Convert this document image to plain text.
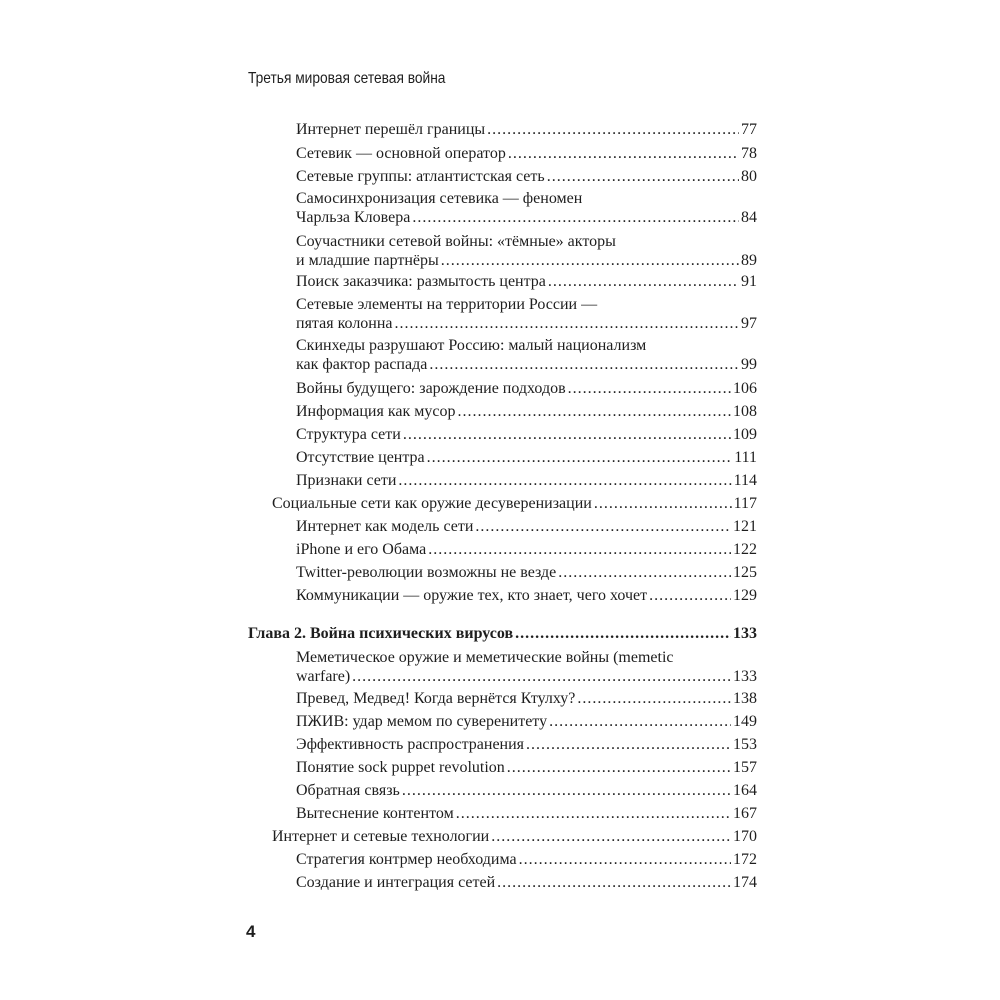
Третья мировая сетевая война
Интернет перешёл границы .....	77
Сетевик — основной оператор .....	78
Сетевые группы: атлантистская сеть .....	80
Самосинхронизация сетевика — феномен
Чарльза Кловера .....	84
Соучастники сетевой войны: «тёмные» акторы
и младшие партнёры .....	89
Поиск заказчика: размытость центра .....	91
Сетевые элементы на территории России —
пятая колонна .....	97
Скинхеды разрушают Россию: малый национализм
как фактор распада .....	99
Войны будущего: зарождение подходов .....	106
Информация как мусор .....	108
Структура сети .....	109
Отсутствие центра .....	111
Признаки сети .....	114
Социальные сети как оружие десуверенизации .....	117
Интернет как модель сети .....	121
iPhone и его Обама .....	122
Twitter-революции возможны не везде .....	125
Коммуникации — оружие тех, кто знает, чего хочет .....	129
Глава 2. Война психических вирусов .....	133
Меметическое оружие и меметические войны (memetic
warfare) .....	133
Превед, Медвед! Когда вернётся Ктулху? .....	138
ПЖИВ: удар мемом по суверенитету .....	149
Эффективность распространения .....	153
Понятие sock puppet revolution .....	157
Обратная связь .....	164
Вытеснение контентом .....	167
Интернет и сетевые технологии .....	170
Стратегия контрмер необходима .....	172
Создание и интеграция сетей .....	174
4
